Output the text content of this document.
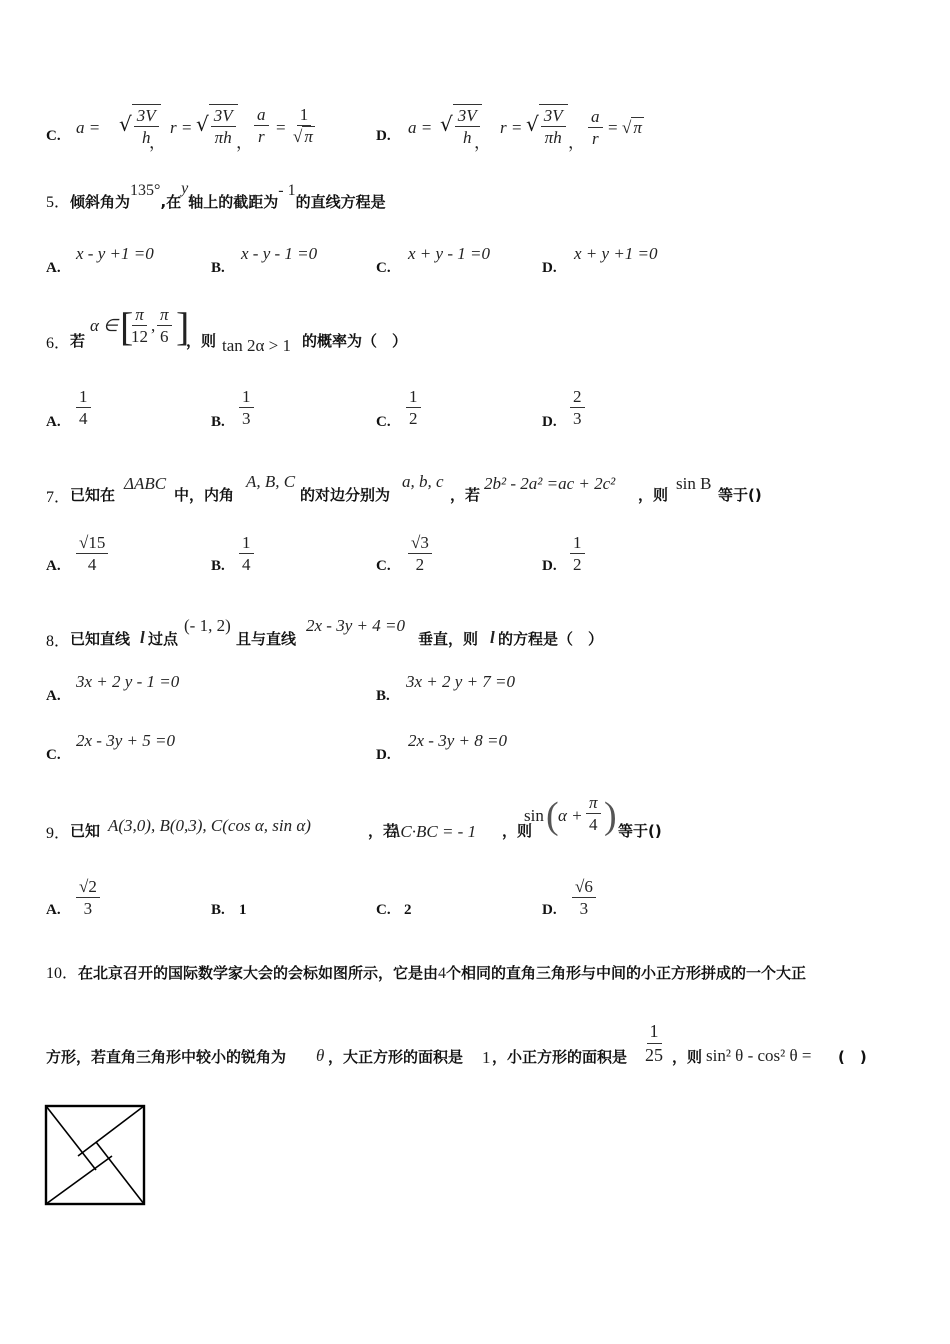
C. a = √ $\frac{3V}{h}$
，
r = √ $\frac{3V}{\pi h}$
， $\frac{a}{r} = \frac{1}{√ \pi}$	D. a = √ $\frac{3V}{h}$
，
r = √ $\frac{3V}{\pi h}$ ， $\frac{a}{r}$ = √ π
5．倾斜角为$^{135^\circ}$,在$^y$轴上的截距为$^{- 1}$的直线方程是
A.
x - y +1 =0
B.
x - y - 1 =0
C.
x + y - 1 =0
D.
x + y +1 =0
6． 若
α ∈ [
$\frac{\pi}{12}$ , $\frac{\pi}{6}$ ]
，则 tan 2α > 1 的概率为（　）
A. $\frac{1}{4}$	B. $\frac{1}{3}$	C. $\frac{1}{2}$	D. $\frac{2}{3}$
7． 已知在
ΔABC
中，内角
A, B, C
的对边分别为
a, b, c
，若
2b² - 2a² =ac + 2c²
，则
sin B
等于()
A. $\frac{√15}{4}$	B. $\frac{1}{4}$	C. $\frac{√3}{2}$	D. $\frac{1}{2}$
8． 已知直线 l 过点
(- 1, 2)
且与直线
2x - 3y + 4 =0
垂直，则 l 的方程是（　）
A.
3x + 2 y - 1 =0
B.
3x + 2 y + 7 =0
C.
2x - 3y + 5 =0
D.
2x - 3y + 8 =0
9． 已知 A(3,0), B(0,3), C(cos α, sin α)	，若
AC·BC = - 1 ，则
sin ( $\alpha + \frac{\pi}{4}$ ) 等于()
A. $\frac{√2}{3}$	B. 1	C. 2	D. $\frac{√6}{3}$
10．在北京召开的国际数学家大会的会标如图所示，它是由4个相同的直角三角形与中间的小正方形拼成的一个大正
方形，若直角三角形中较小的锐角为 θ ，大正方形的面积是 1 ，小正方形的面积是 $\frac{1}{25}$ ，则 sin² θ - cos² θ = (　)
